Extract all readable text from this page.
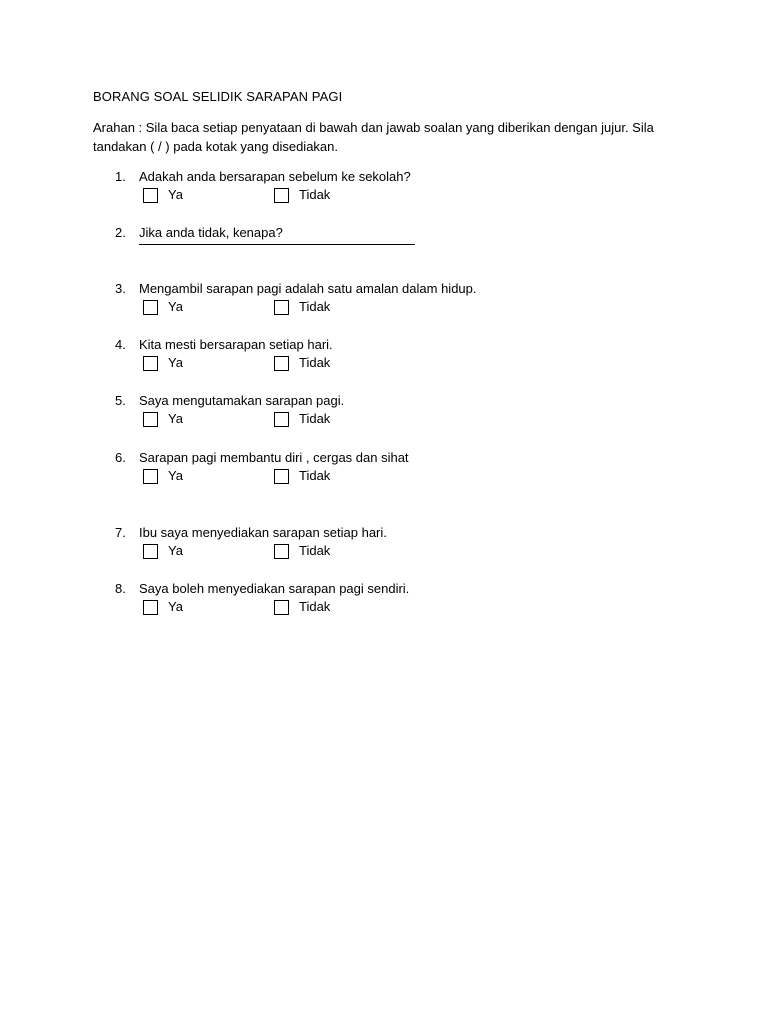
BORANG SOAL SELIDIK SARAPAN PAGI
Arahan : Sila baca setiap penyataan di bawah dan jawab soalan yang diberikan dengan jujur. Sila
tandakan ( / ) pada kotak yang disediakan.
1. Adakah anda bersarapan sebelum ke sekolah?
Ya	Tidak
2. Jika anda tidak, kenapa?
3. Mengambil sarapan pagi adalah satu amalan dalam hidup.
Ya	Tidak
4. Kita mesti bersarapan setiap hari.
Ya	Tidak
5. Saya mengutamakan sarapan pagi.
Ya	Tidak
6. Sarapan pagi membantu diri , cergas dan sihat
Ya	Tidak
7. Ibu saya menyediakan sarapan setiap hari.
Ya	Tidak
8. Saya boleh menyediakan sarapan pagi sendiri.
Ya	Tidak
